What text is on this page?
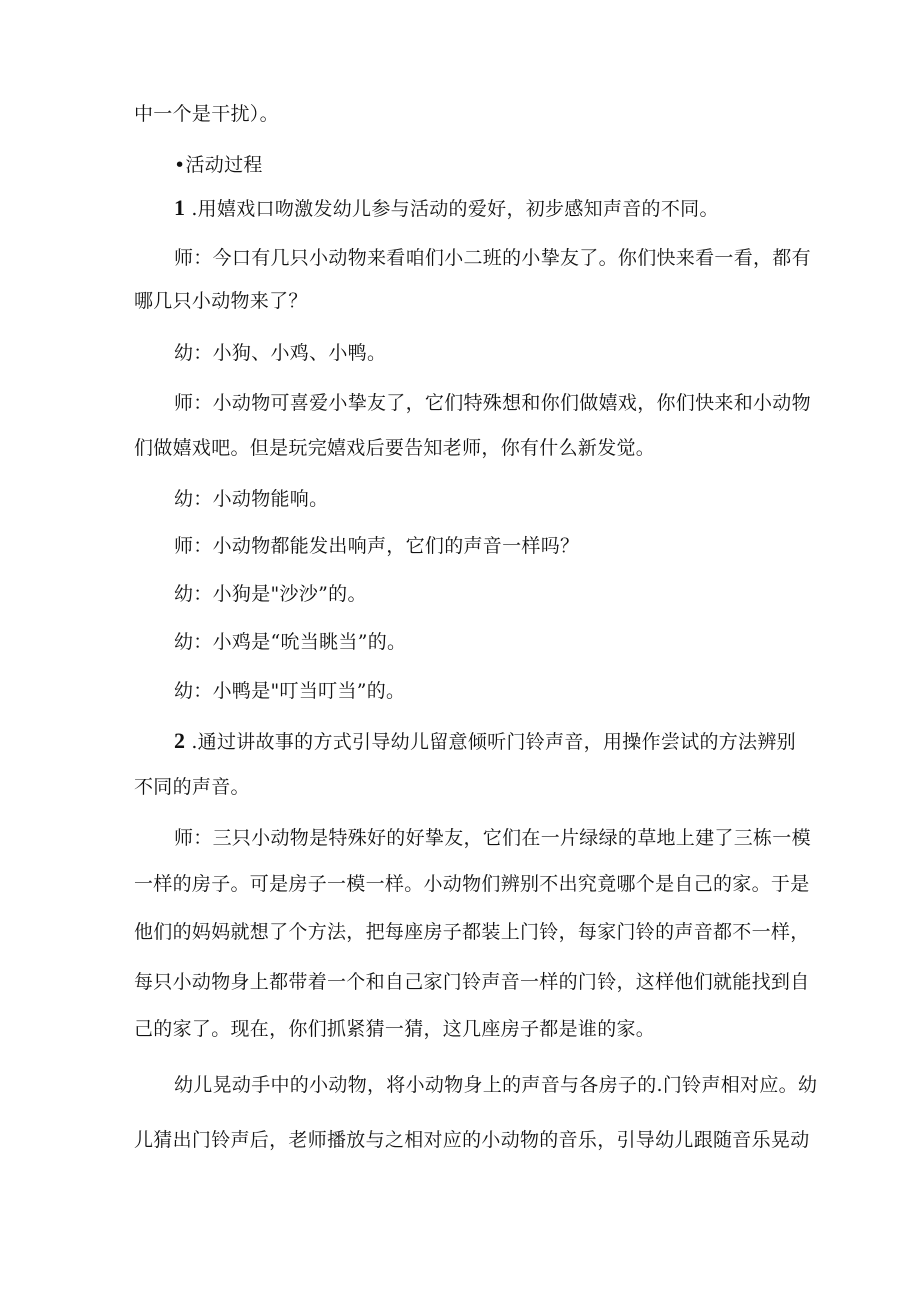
中一个是干扰）。
•活动过程
1 .用嬉戏口吻激发幼儿参与活动的爱好，初步感知声音的不同。
师：今口有几只小动物来看咱们小二班的小挚友了。你们快来看一看，都有
哪几只小动物来了？
幼：小狗、小鸡、小鸭。
师：小动物可喜爱小挚友了，它们特殊想和你们做嬉戏，你们快来和小动物
们做嬉戏吧。但是玩完嬉戏后要告知老师，你有什么新发觉。
幼：小动物能响。
师：小动物都能发出响声，它们的声音一样吗？
幼：小狗是"沙沙”的。
幼：小鸡是“吮当眺当”的。
幼：小鸭是"叮当叮当”的。
2 .通过讲故事的方式引导幼儿留意倾听门铃声音，用操作尝试的方法辨别
不同的声音。
师：三只小动物是特殊好的好挚友，它们在一片绿绿的草地上建了三栋一模
一样的房子。可是房子一模一样。小动物们辨别不出究竟哪个是自己的家。于是
他们的妈妈就想了个方法，把每座房子都装上门铃，每家门铃的声音都不一样，
每只小动物身上都带着一个和自己家门铃声音一样的门铃，这样他们就能找到自
己的家了。现在，你们抓紧猜一猜，这几座房子都是谁的家。
幼儿晃动手中的小动物，将小动物身上的声音与各房子的.门铃声相对应。幼
儿猜出门铃声后，老师播放与之相对应的小动物的音乐，引导幼儿跟随音乐晃动
